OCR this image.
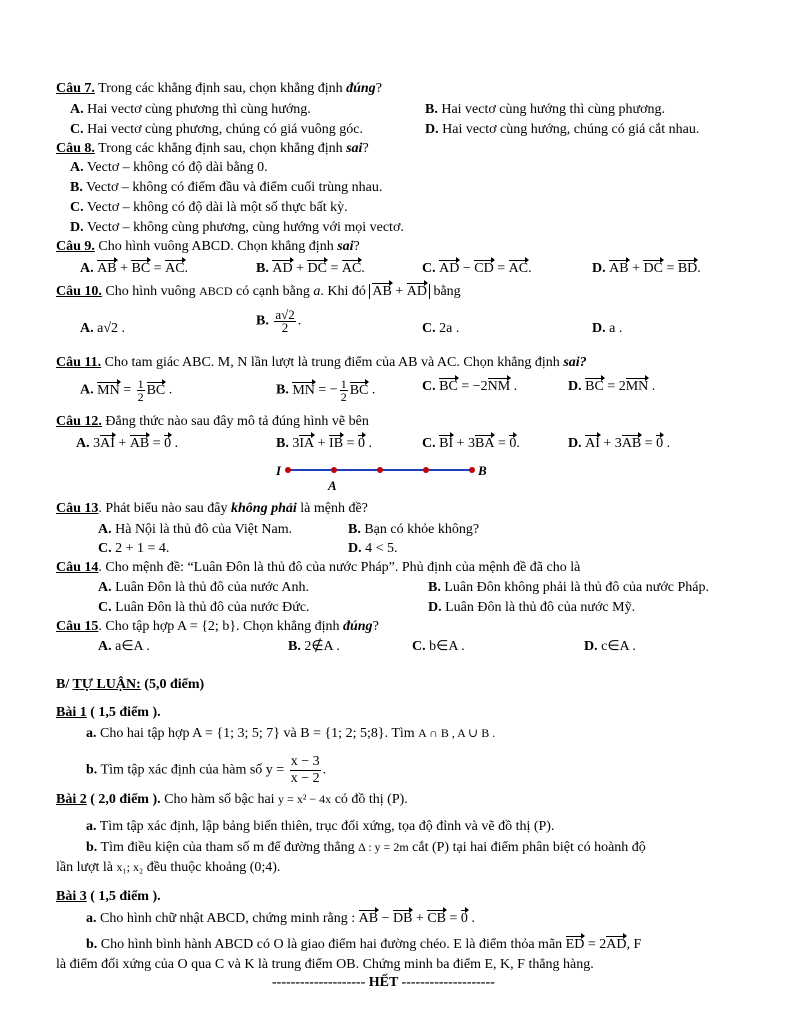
Câu 7. Trong các khẳng định sau, chọn khẳng định đúng?
A. Hai vectơ cùng phương thì cùng hướng.	B. Hai vectơ cùng hướng thì cùng phương.
C. Hai vectơ cùng phương, chúng có giá vuông góc.	D. Hai vectơ cùng hướng, chúng có giá cắt nhau.
Câu 8. Trong các khẳng định sau, chọn khẳng định sai?
A. Vectơ – không có độ dài bằng 0.
B. Vectơ – không có điểm đầu và điểm cuối trùng nhau.
C. Vectơ – không có độ dài là một số thực bất kỳ.
D. Vectơ – không cùng phương, cùng hướng với mọi vectơ.
Câu 9. Cho hình vuông ABCD. Chọn khẳng định sai?
A. AB + BC = AC.	B. AD + DC = AC.	C. AD − CD = AC.	D. AB + DC = BD.
Câu 10. Cho hình vuông ABCD có cạnh bằng a. Khi đó AB + AD bằng
A. a√2 .	B. $\frac{a√2}{2}$ .	C. 2a .	D. a .
Câu 11. Cho tam giác ABC. M, N lần lượt là trung điểm của AB và AC. Chọn khẳng định sai?
A. MN = $\frac{1}{2}$ BC .	B. MN = − $\frac{1}{2}$ BC .	C. BC = −2NM .	D. BC = 2MN .
Câu 12. Đẳng thức nào sau đây mô tả đúng hình vẽ bên
A. 3AI + AB = 0 .	B. 3IA + IB = 0 .	C. BI + 3BA = 0.	D. AI + 3AB = 0 .
I
A
B
Câu 13. Phát biểu nào sau đây không phải là mệnh đề?
A. Hà Nội là thủ đô của Việt Nam.	B. Bạn có khỏe không?
C. 2 + 1 = 4.	D. 4 < 5.
Câu 14. Cho mệnh đề: “Luân Đôn là thủ đô của nước Pháp”. Phủ định của mệnh đề đã cho là
A. Luân Đôn là thủ đô của nước Anh.	B. Luân Đôn không phải là thủ đô của nước Pháp.
C. Luân Đôn là thủ đô của nước Đức.	D. Luân Đôn là thủ đô của nước Mỹ.
Câu 15. Cho tập hợp A = {2; b}. Chọn khẳng định đúng?
A. a∈A .	B. 2∉A .	C. b∈A .	D. c∈A .
B/ TỰ LUẬN: (5,0 điểm)
Bài 1 ( 1,5 điểm ).
a. Cho hai tập hợp A = {1; 3; 5; 7} và B = {1; 2; 5;8}. Tìm A ∩ B , A ∪ B .
b. Tìm tập xác định của hàm số $y = \frac{x - 3}{x - 2}$ .
Bài 2 ( 2,0 điểm ). Cho hàm số bậc hai y = x² − 4x có đồ thị (P).
a. Tìm tập xác định, lập bảng biến thiên, trục đối xứng, tọa độ đỉnh và vẽ đồ thị (P).
b. Tìm điều kiện của tham số m để đường thẳng Δ : y = 2m cắt (P) tại hai điểm phân biệt có hoành độ
lần lượt là x₁; x₂ đều thuộc khoảng (0;4).
Bài 3 ( 1,5 điểm ).
a. Cho hình chữ nhật ABCD, chứng minh rằng : AB − DB + CB = 0 .
b. Cho hình bình hành ABCD có O là giao điểm hai đường chéo. E là điểm thỏa mãn ED = 2AD, F
là điểm đối xứng của O qua C và K là trung điểm OB. Chứng minh ba điểm E, K, F thẳng hàng.
-------------------- HẾT --------------------
